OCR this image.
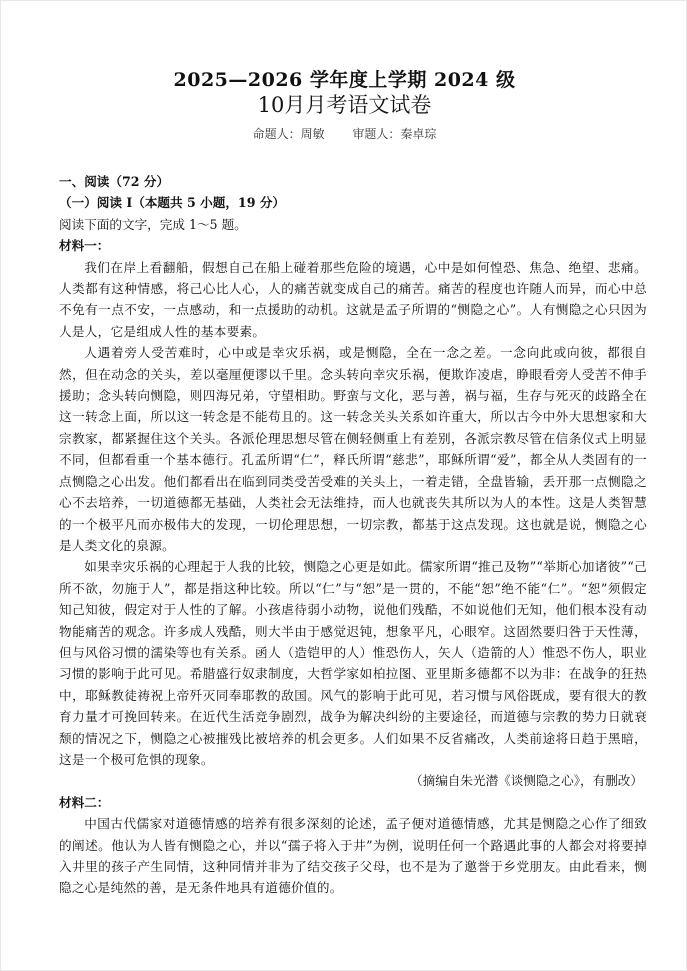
2025—2026 学年度上学期 2024 级
10月月考语文试卷
命题人：周敏 审题人：秦卓琮

一、阅读（72 分）

（一）阅读 I（本题共 5 小题，19 分）

阅读下面的文字，完成 1～5 题。

材料一：

我们在岸上看翻船，假想自己在船上碰着那些危险的境遇，心中是如何惶恐、焦急、绝望、悲痛。人类都有这种情感，将己心比人心，人的痛苦就变成自己的痛苦。痛苦的程度也许随人而异，而心中总不免有一点不安，一点感动，和一点援助的动机。这就是孟子所谓的“恻隐之心”。人有恻隐之心只因为人是人，它是组成人性的基本要素。

人遇着旁人受苦难时，心中或是幸灾乐祸，或是恻隐，全在一念之差。一念向此或向彼，都很自然，但在动念的关头，差以毫厘便谬以千里。念头转向幸灾乐祸，便欺诈凌虐，睁眼看旁人受苦不伸手援助；念头转向恻隐，则四海兄弟，守望相助。野蛮与文化，恶与善，祸与福，生存与死灭的歧路全在这一转念上面，所以这一转念是不能苟且的。这一转念关头关系如许重大，所以古今中外大思想家和大宗教家，都紧握住这个关头。各派伦理思想尽管在侧轻侧重上有差别，各派宗教尽管在信条仪式上明显不同，但都看重一个基本德行。孔孟所谓“仁”，释氏所谓“慈悲”，耶稣所谓“爱”，都全从人类固有的一点恻隐之心出发。他们都看出在临到同类受苦受难的关头上，一着走错，全盘皆输，丢开那一点恻隐之心不去培养，一切道德都无基础，人类社会无法维持，而人也就丧失其所以为人的本性。这是人类智慧的一个极平凡而亦极伟大的发现，一切伦理思想，一切宗教，都基于这点发现。这也就是说，恻隐之心是人类文化的泉源。

如果幸灾乐祸的心理起于人我的比较，恻隐之心更是如此。儒家所谓“推己及物”“举斯心加诸彼”“己所不欲，勿施于人”，都是指这种比较。所以“仁”与“恕”是一贯的，不能“恕”绝不能“仁”。“恕”须假定知己知彼，假定对于人性的了解。小孩虐待弱小动物，说他们残酷，不如说他们无知，他们根本没有动物能痛苦的观念。许多成人残酷，则大半由于感觉迟钝，想象平凡，心眼窄。这固然要归咎于天性薄，但与风俗习惯的濡染等也有关系。函人（造铠甲的人）惟恐伤人，矢人（造箭的人）惟恐不伤人，职业习惯的影响于此可见。希腊盛行奴隶制度，大哲学家如柏拉图、亚里斯多德都不以为非：在战争的狂热中，耶稣教徒祷祝上帝歼灭同奉耶教的敌国。风气的影响于此可见，若习惯与风俗既成，要有很大的教育力量才可挽回转来。在近代生活竞争剧烈，战争为解决纠纷的主要途径，而道德与宗教的势力日就衰颓的情况之下，恻隐之心被摧残比被培养的机会更多。人们如果不反省痛改，人类前途将日趋于黑暗，这是一个极可危惧的现象。

（摘编自朱光潜《谈恻隐之心》，有删改）

材料二：

中国古代儒家对道德情感的培养有很多深刻的论述，孟子便对道德情感，尤其是恻隐之心作了细致的阐述。他认为人皆有恻隐之心，并以“孺子将入于井”为例，说明任何一个路遇此事的人都会对将要掉入井里的孩子产生同情，这种同情并非为了结交孩子父母，也不是为了邀誉于乡党朋友。由此看来，恻隐之心是纯然的善，是无条件地具有道德价值的。
